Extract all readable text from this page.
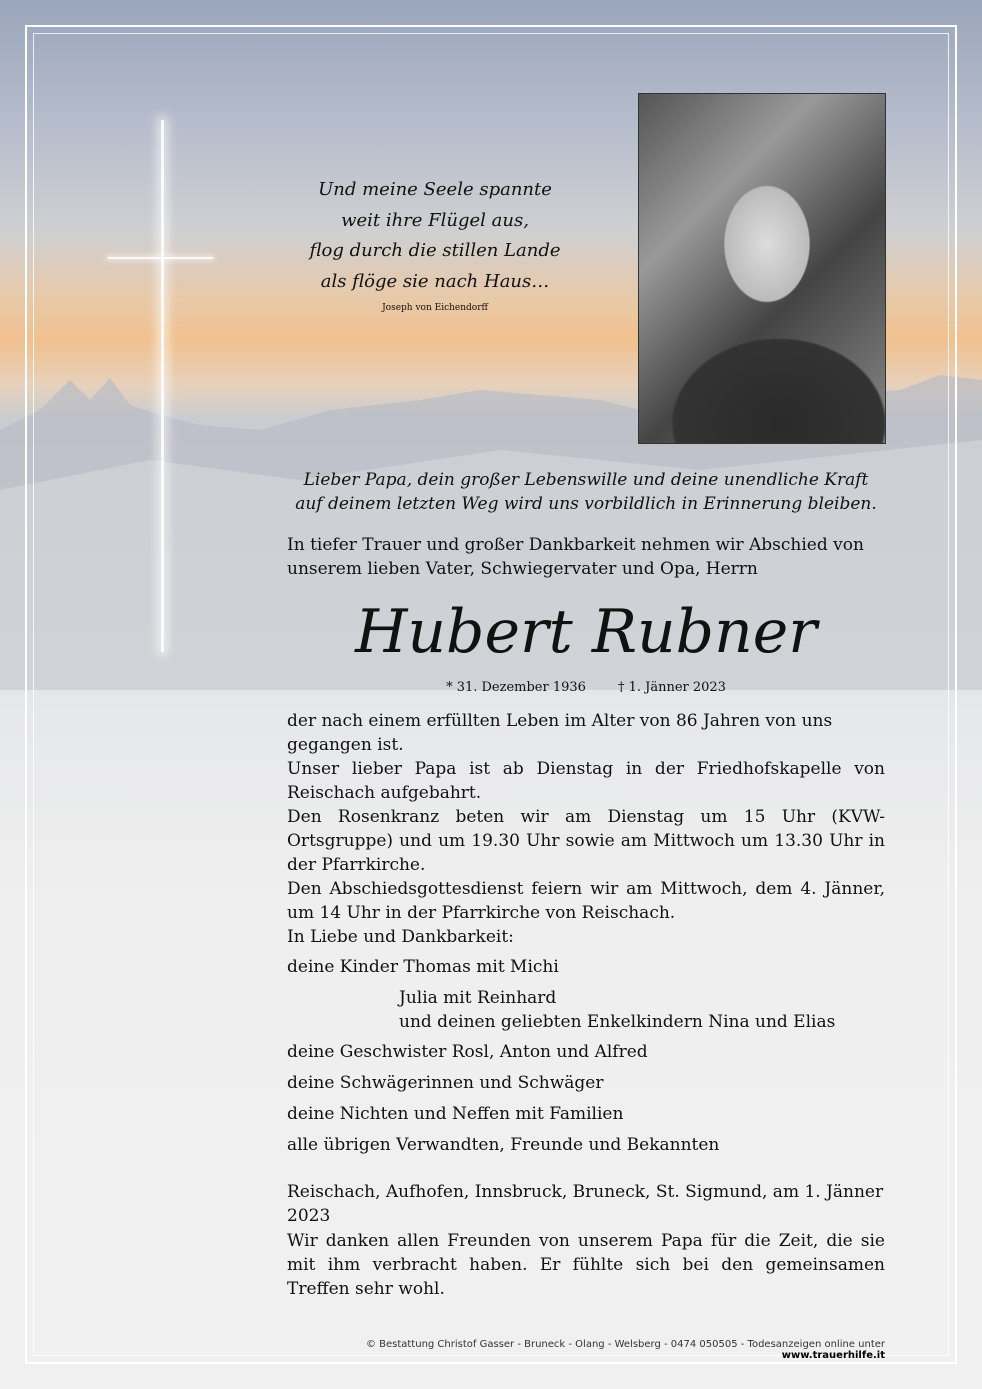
Und meine Seele spannte
weit ihre Flügel aus,
flog durch die stillen Lande
als flöge sie nach Haus…
Joseph von Eichendorff
Lieber Papa, dein großer Lebenswille und deine unendliche Kraft
auf deinem letzten Weg wird uns vorbildlich in Erinnerung bleiben.
In tiefer Trauer und großer Dankbarkeit nehmen wir Abschied von unserem lieben Vater, Schwiegervater und Opa, Herrn
Hubert Rubner
* 31. Dezember 1936 † 1. Jänner 2023
der nach einem erfüllten Leben im Alter von 86 Jahren von uns gegangen ist.
Unser lieber Papa ist ab Dienstag in der Friedhofskapelle von Reischach aufgebahrt.
Den Rosenkranz beten wir am Dienstag um 15 Uhr (KVW-Ortsgruppe) und um 19.30 Uhr sowie am Mittwoch um 13.30 Uhr in der Pfarrkirche.
Den Abschiedsgottesdienst feiern wir am Mittwoch, dem 4. Jänner, um 14 Uhr in der Pfarrkirche von Reischach.
In Liebe und Dankbarkeit:
deine Kinder Thomas mit Michi
Julia mit Reinhard
und deinen geliebten Enkelkindern Nina und Elias
deine Geschwister Rosl, Anton und Alfred
deine Schwägerinnen und Schwäger
deine Nichten und Neffen mit Familien
alle übrigen Verwandten, Freunde und Bekannten
Reischach, Aufhofen, Innsbruck, Bruneck, St. Sigmund, am 1. Jänner 2023
Wir danken allen Freunden von unserem Papa für die Zeit, die sie mit ihm verbracht haben. Er fühlte sich bei den gemeinsamen Treffen sehr wohl.
© Bestattung Christof Gasser - Bruneck - Olang - Welsberg - 0474 050505 - Todesanzeigen online unter www.trauerhilfe.it
